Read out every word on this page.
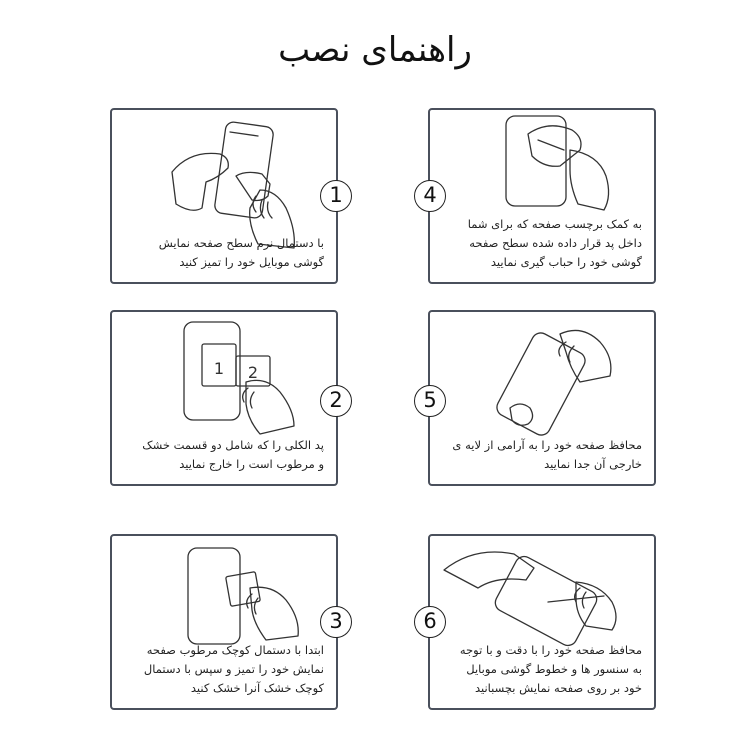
راهنمای نصب
با دستمال نرم سطح صفحه نمایش
گوشی موبایل خود را تمیز کنید
1
1 2
پد الکلی را که شامل دو قسمت خشک
و مرطوب است را خارج نمایید
2
ابتدا با دستمال کوچک مرطوب صفحه
نمایش خود را تمیز و سپس با دستمال
کوچک خشک آنرا خشک کنید
3
به کمک برچسب صفحه که برای شما
داخل پد قرار داده شده سطح صفحه
گوشی خود را حباب گیری نمایید
4
محافظ صفحه خود را به آرامی از لایه ی
خارجی آن جدا نمایید
5
محافظ صفحه خود را با دقت و با توجه
به سنسور ها و خطوط گوشی موبایل
خود بر روی صفحه نمایش بچسبانید
6
